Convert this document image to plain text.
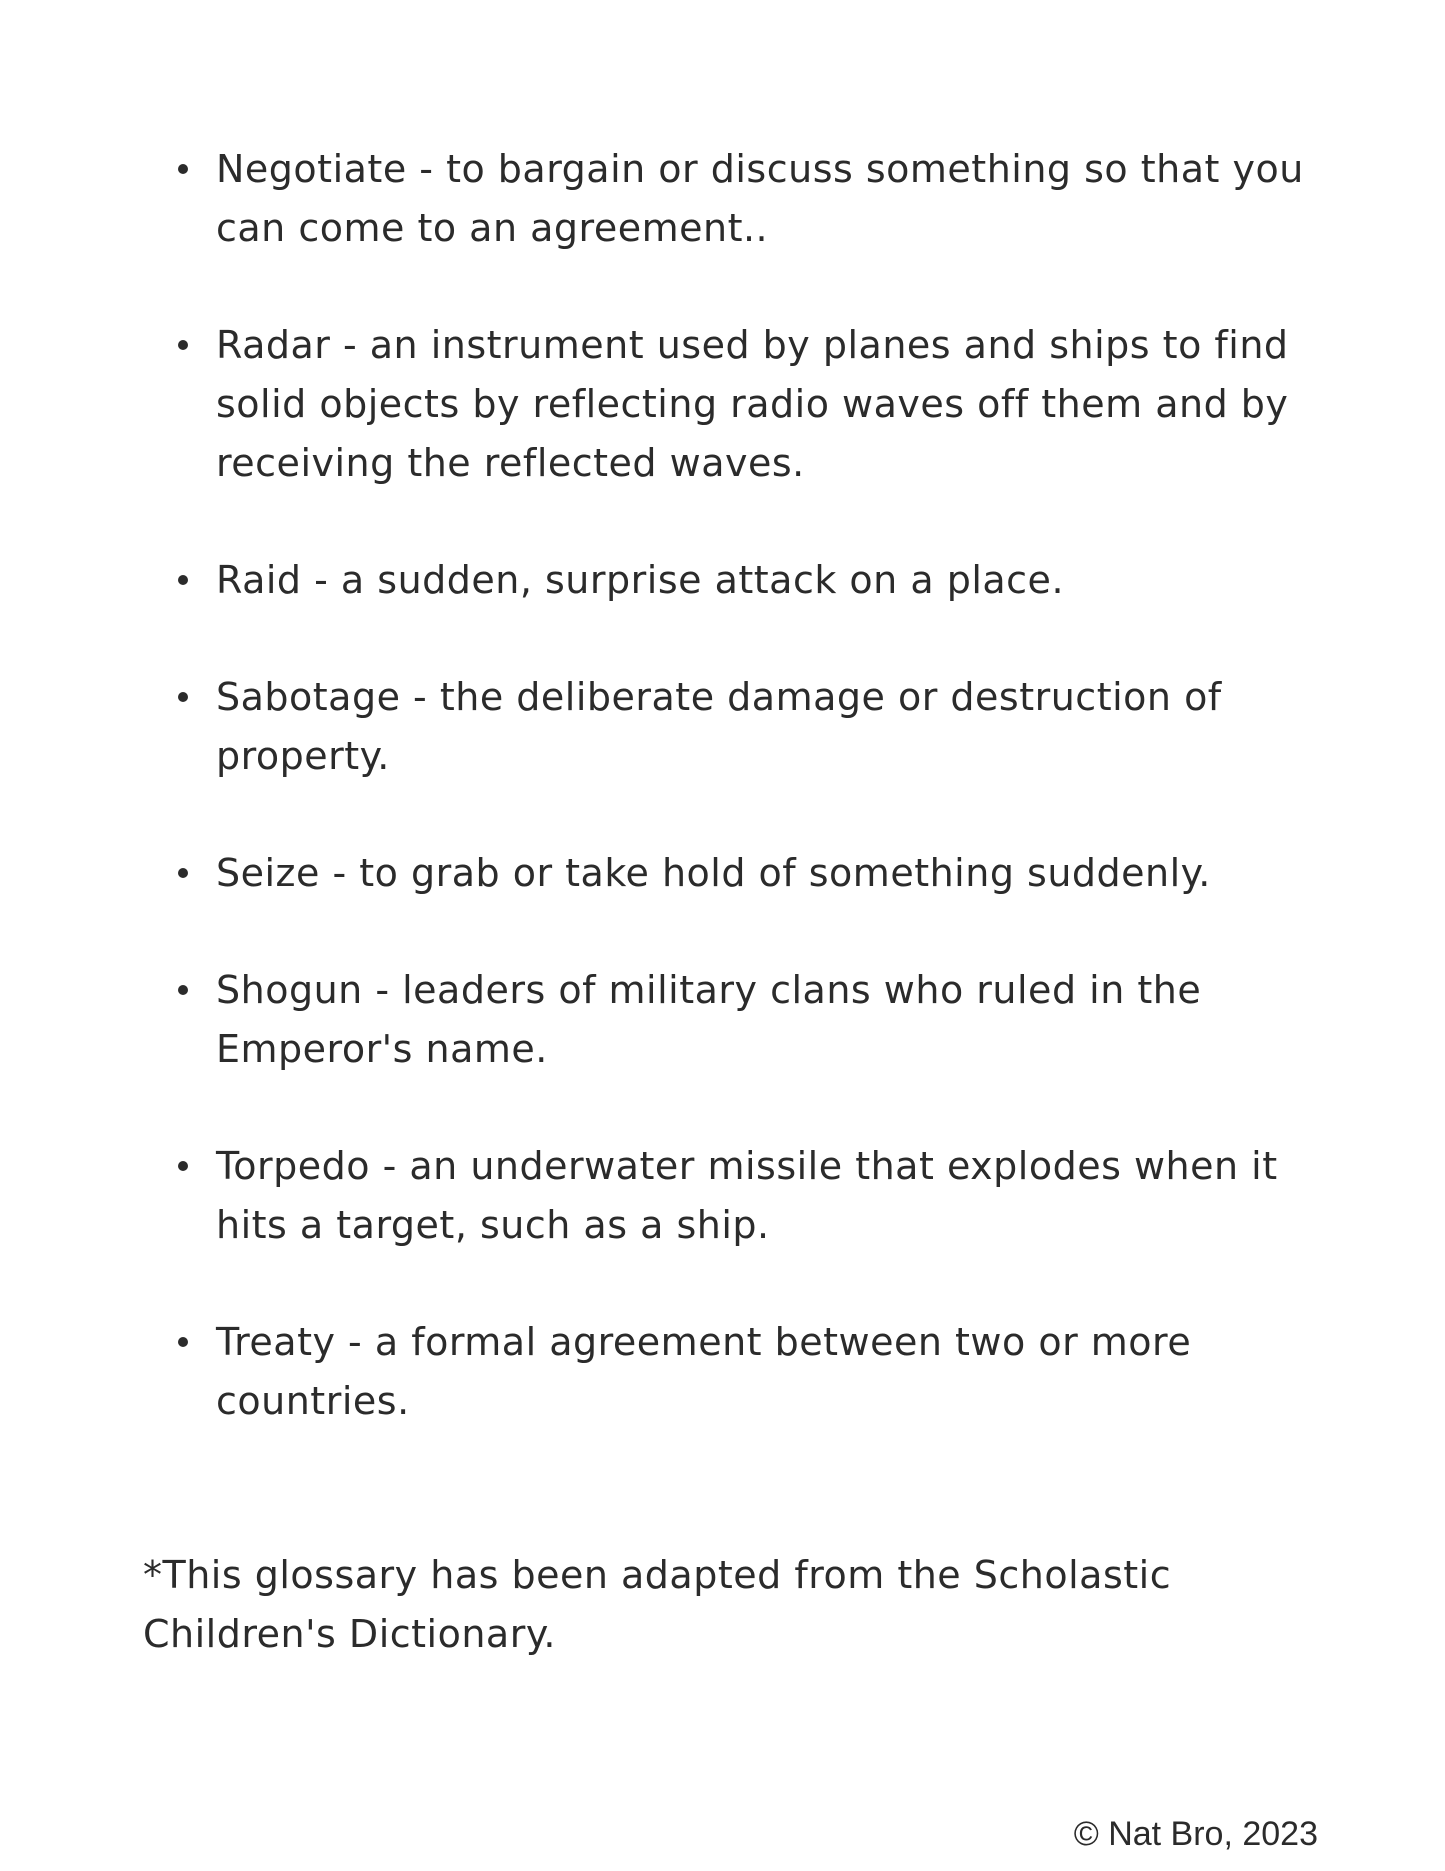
Negotiate - to bargain or discuss something so that you can come to an agreement..
Radar - an instrument used by planes and ships to find solid objects by reflecting radio waves off them and by receiving the reflected waves.
Raid - a sudden, surprise attack on a place.
Sabotage - the deliberate damage or destruction of property.
Seize - to grab or take hold of something suddenly.
Shogun - leaders of military clans who ruled in the Emperor's name.
Torpedo - an underwater missile that explodes when it hits a target, such as a ship.
Treaty - a formal agreement between two or more countries.

*This glossary has been adapted from the Scholastic Children's Dictionary.

© Nat Bro, 2023
